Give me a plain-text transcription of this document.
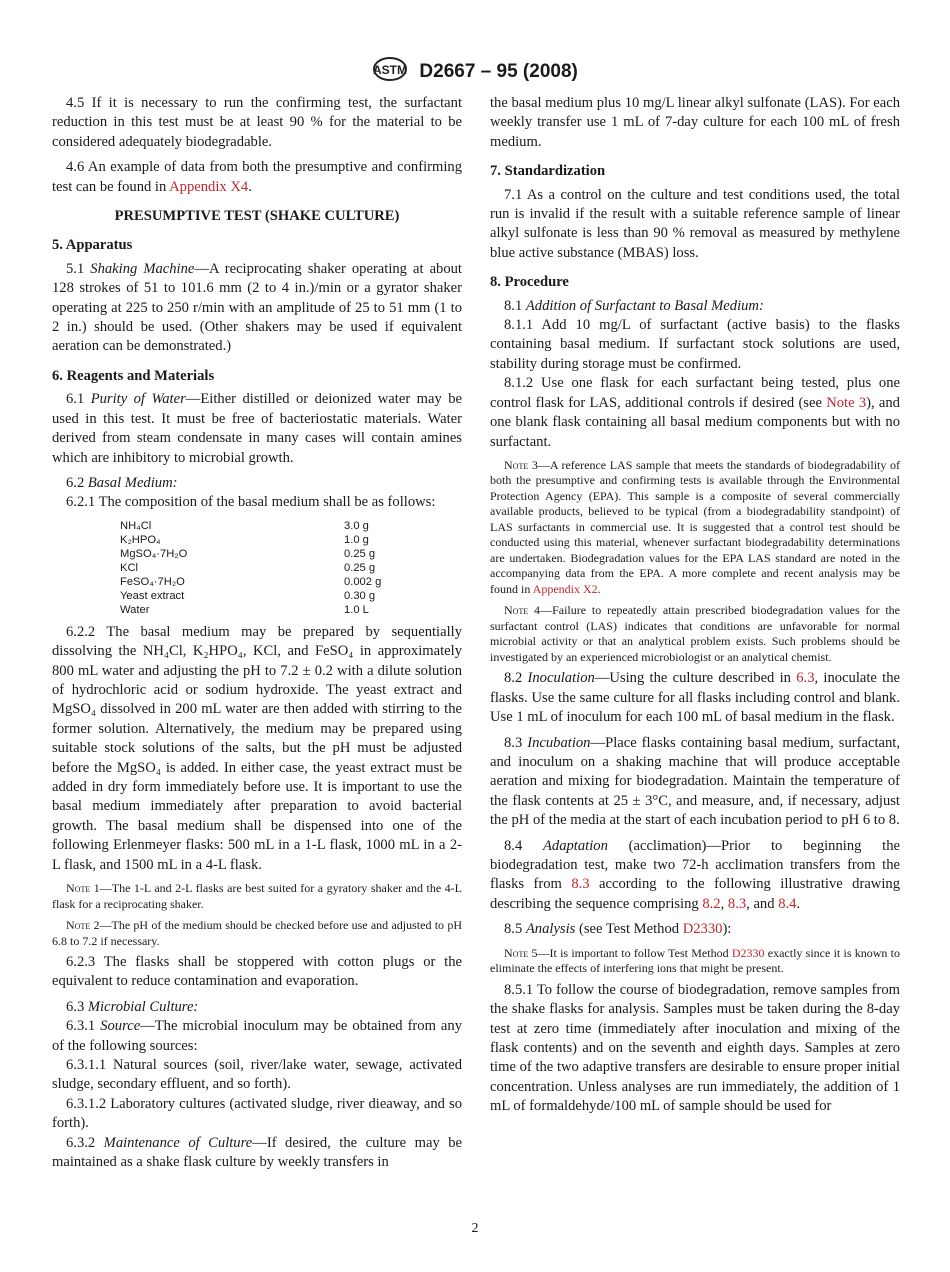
ASTM D2667 – 95 (2008)

4.5 If it is necessary to run the confirming test, the surfactant reduction in this test must be at least 90 % for the material to be considered adequately biodegradable.

4.6 An example of data from both the presumptive and confirming test can be found in Appendix X4.

PRESUMPTIVE TEST (SHAKE CULTURE)
5. Apparatus

5.1 Shaking Machine—A reciprocating shaker operating at about 128 strokes of 51 to 101.6 mm (2 to 4 in.)/min or a gyrator shaker operating at 225 to 250 r/min with an amplitude of 25 to 51 mm (1 to 2 in.) should be used. (Other shakers may be used if equivalent aeration can be demonstrated.)

6. Reagents and Materials

6.1 Purity of Water—Either distilled or deionized water may be used in this test. It must be free of bacteriostatic materials. Water derived from steam condensate in many cases will contain amines which are inhibitory to microbial growth.

6.2 Basal Medium:

6.2.1 The composition of the basal medium shall be as follows:

NH₄Cl	3.0 g
K₂HPO₄	1.0 g
MgSO₄·7H₂O	0.25 g
KCl	0.25 g
FeSO₄·7H₂O	0.002 g
Yeast extract	0.30 g
Water	1.0 L

6.2.2 The basal medium may be prepared by sequentially dissolving the NH₄Cl, K₂HPO₄, KCl, and FeSO₄ in approximately 800 mL water and adjusting the pH to 7.2 ± 0.2 with a dilute solution of hydrochloric acid or sodium hydroxide. The yeast extract and MgSO₄ dissolved in 200 mL water are then added with stirring to the former solution. Alternatively, the medium may be prepared using suitable stock solutions of the salts, but the pH must be adjusted before the MgSO₄ is added. In either case, the yeast extract must be added in dry form immediately before use. It is important to use the basal medium immediately after preparation to avoid bacterial growth. The basal medium shall be dispensed into one of the following Erlenmeyer flasks: 500 mL in a 1-L flask, 1000 mL in a 2-L flask, and 1500 mL in a 4-L flask.

Note 1—The 1-L and 2-L flasks are best suited for a gyratory shaker and the 4-L flask for a reciprocating shaker.
Note 2—The pH of the medium should be checked before use and adjusted to pH 6.8 to 7.2 if necessary.

6.2.3 The flasks shall be stoppered with cotton plugs or the equivalent to reduce contamination and evaporation.

6.3 Microbial Culture:

6.3.1 Source—The microbial inoculum may be obtained from any of the following sources:

6.3.1.1 Natural sources (soil, river/lake water, sewage, activated sludge, secondary effluent, and so forth).

6.3.1.2 Laboratory cultures (activated sludge, river dieaway, and so forth).

6.3.2 Maintenance of Culture—If desired, the culture may be maintained as a shake flask culture by weekly transfers in

the basal medium plus 10 mg/L linear alkyl sulfonate (LAS). For each weekly transfer use 1 mL of 7-day culture for each 100 mL of fresh medium.

7. Standardization

7.1 As a control on the culture and test conditions used, the total run is invalid if the result with a suitable reference sample of linear alkyl sulfonate is less than 90 % removal as measured by methylene blue active substance (MBAS) loss.

8. Procedure

8.1 Addition of Surfactant to Basal Medium:

8.1.1 Add 10 mg/L of surfactant (active basis) to the flasks containing basal medium. If surfactant stock solutions are used, stability during storage must be confirmed.

8.1.2 Use one flask for each surfactant being tested, plus one control flask for LAS, additional controls if desired (see Note 3), and one blank flask containing all basal medium components but with no surfactant.

Note 3—A reference LAS sample that meets the standards of biodegradability of both the presumptive and confirming tests is available through the Environmental Protection Agency (EPA). This sample is a composite of several commercially available products, believed to be typical (from a biodegradability standpoint) of LAS surfactants in commercial use. It is suggested that a control test should be conducted using this material, whenever surfactant biodegradability determinations are undertaken. Biodegradation values for the EPA LAS standard are noted in the accompanying data from the EPA. A more complete and recent analysis may be found in Appendix X2.
Note 4—Failure to repeatedly attain prescribed biodegradation values for the surfactant control (LAS) indicates that conditions are unfavorable for normal microbial activity or that an analytical problem exists. Such problems should be investigated by an experienced microbiologist or an analytical chemist.

8.2 Inoculation—Using the culture described in 6.3, inoculate the flasks. Use the same culture for all flasks including control and blank. Use 1 mL of inoculum for each 100 mL of basal medium in the flask.

8.3 Incubation—Place flasks containing basal medium, surfactant, and inoculum on a shaking machine that will produce acceptable aeration and mixing for biodegradation. Maintain the temperature of the flask contents at 25 ± 3°C, and measure, and, if necessary, adjust the pH of the media at the start of each incubation period to pH 6 to 8.

8.4 Adaptation (acclimation)—Prior to beginning the biodegradation test, make two 72-h acclimation transfers from the flasks from 8.3 according to the following illustrative drawing describing the sequence comprising 8.2, 8.3, and 8.4.

8.5 Analysis (see Test Method D2330):

Note 5—It is important to follow Test Method D2330 exactly since it is known to eliminate the effects of interfering ions that might be present.

8.5.1 To follow the course of biodegradation, remove samples from the shake flasks for analysis. Samples must be taken during the 8-day test at zero time (immediately after inoculation and mixing of the flask contents) and on the seventh and eighth days. Samples at zero time of the two adaptive transfers are desirable to ensure proper initial concentration. Unless analyses are run immediately, the addition of 1 mL of formaldehyde/100 mL of sample should be used for

2
